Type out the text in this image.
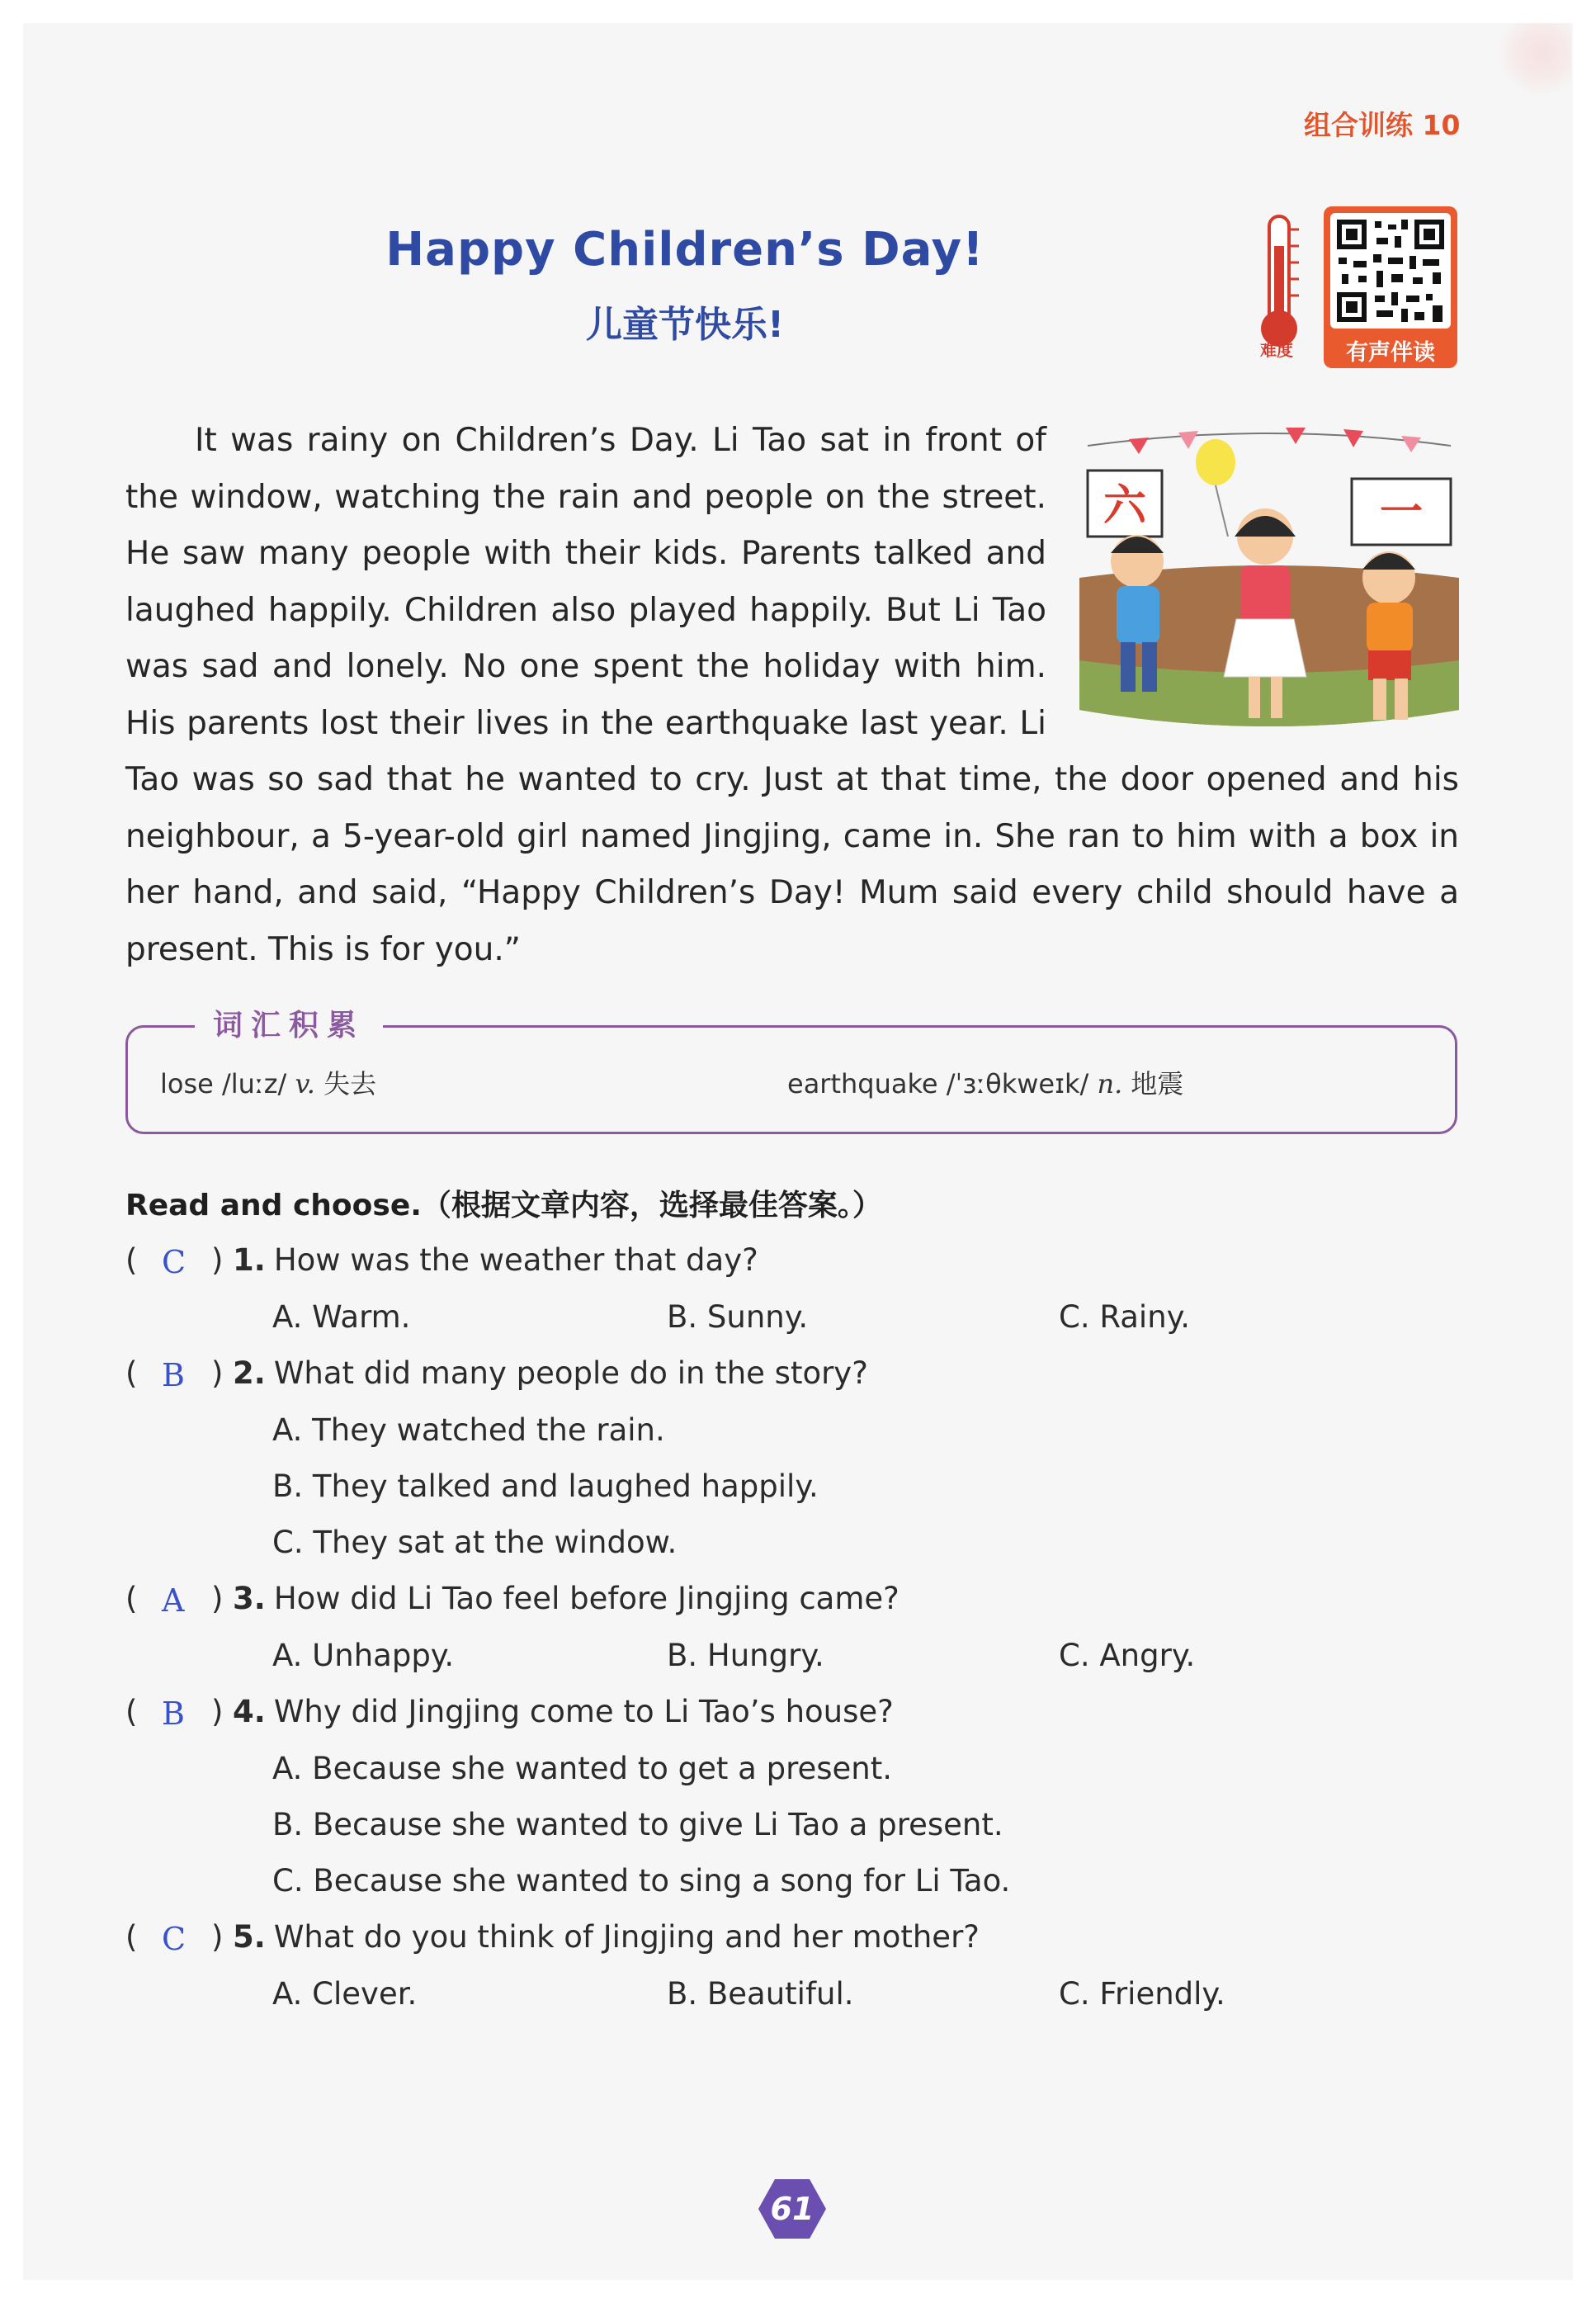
组合训练 10
Happy Children’s Day!
儿童节快乐!
难度	有声伴读
六	一

It was rainy on Children’s Day. Li Tao sat in front of the window, watching the rain and people on the street. He saw many people with their kids. Parents talked and laughed happily. Children also played happily. But Li Tao was sad and lonely. No one spent the holiday with him. His parents lost their lives in the earthquake last year. Li Tao was so sad that he wanted to cry. Just at that time, the door opened and his neighbour, a 5-year-old girl named Jingjing, came in. She ran to him with a box in her hand, and said, “Happy Children’s Day! Mum said every child should have a present. This is for you.”

词汇积累
lose /luːz/ v. 失去	earthquake /ˈɜːθkweɪk/ n. 地震
Read and choose.（根据文章内容，选择最佳答案。）
( C ) 1. How was the weather that day?
A. Warm.	B. Sunny.	C. Rainy.
( B ) 2. What did many people do in the story?
A. They watched the rain.
B. They talked and laughed happily.
C. They sat at the window.
( A ) 3. How did Li Tao feel before Jingjing came?
A. Unhappy.	B. Hungry.	C. Angry.
( B ) 4. Why did Jingjing come to Li Tao’s house?
A. Because she wanted to get a present.
B. Because she wanted to give Li Tao a present.
C. Because she wanted to sing a song for Li Tao.
( C ) 5. What do you think of Jingjing and her mother?
A. Clever.	B. Beautiful.	C. Friendly.
61
